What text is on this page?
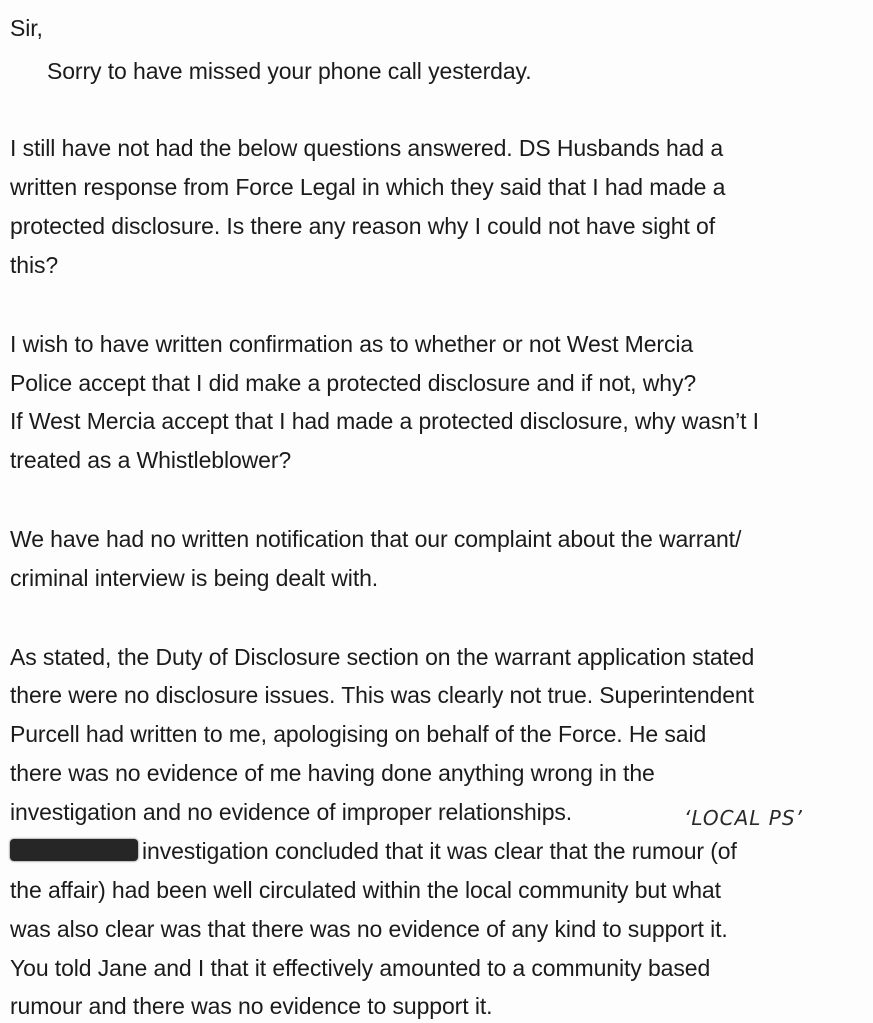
Sir,
Sorry to have missed your phone call yesterday.
I still have not had the below questions answered. DS Husbands had a
written response from Force Legal in which they said that I had made a
protected disclosure. Is there any reason why I could not have sight of
this?
I wish to have written confirmation as to whether or not West Mercia
Police accept that I did make a protected disclosure and if not, why?
If West Mercia accept that I had made a protected disclosure, why wasn’t I
treated as a Whistleblower?
We have had no written notification that our complaint about the warrant/
criminal interview is being dealt with.
As stated, the Duty of Disclosure section on the warrant application stated
there were no disclosure issues. This was clearly not true. Superintendent
Purcell had written to me, apologising on behalf of the Force. He said
there was no evidence of me having done anything wrong in the
investigation and no evidence of improper relationships.	‘LOCAL PS’
investigation concluded that it was clear that the rumour (of
the affair) had been well circulated within the local community but what
was also clear was that there was no evidence of any kind to support it.
You told Jane and I that it effectively amounted to a community based
rumour and there was no evidence to support it.
